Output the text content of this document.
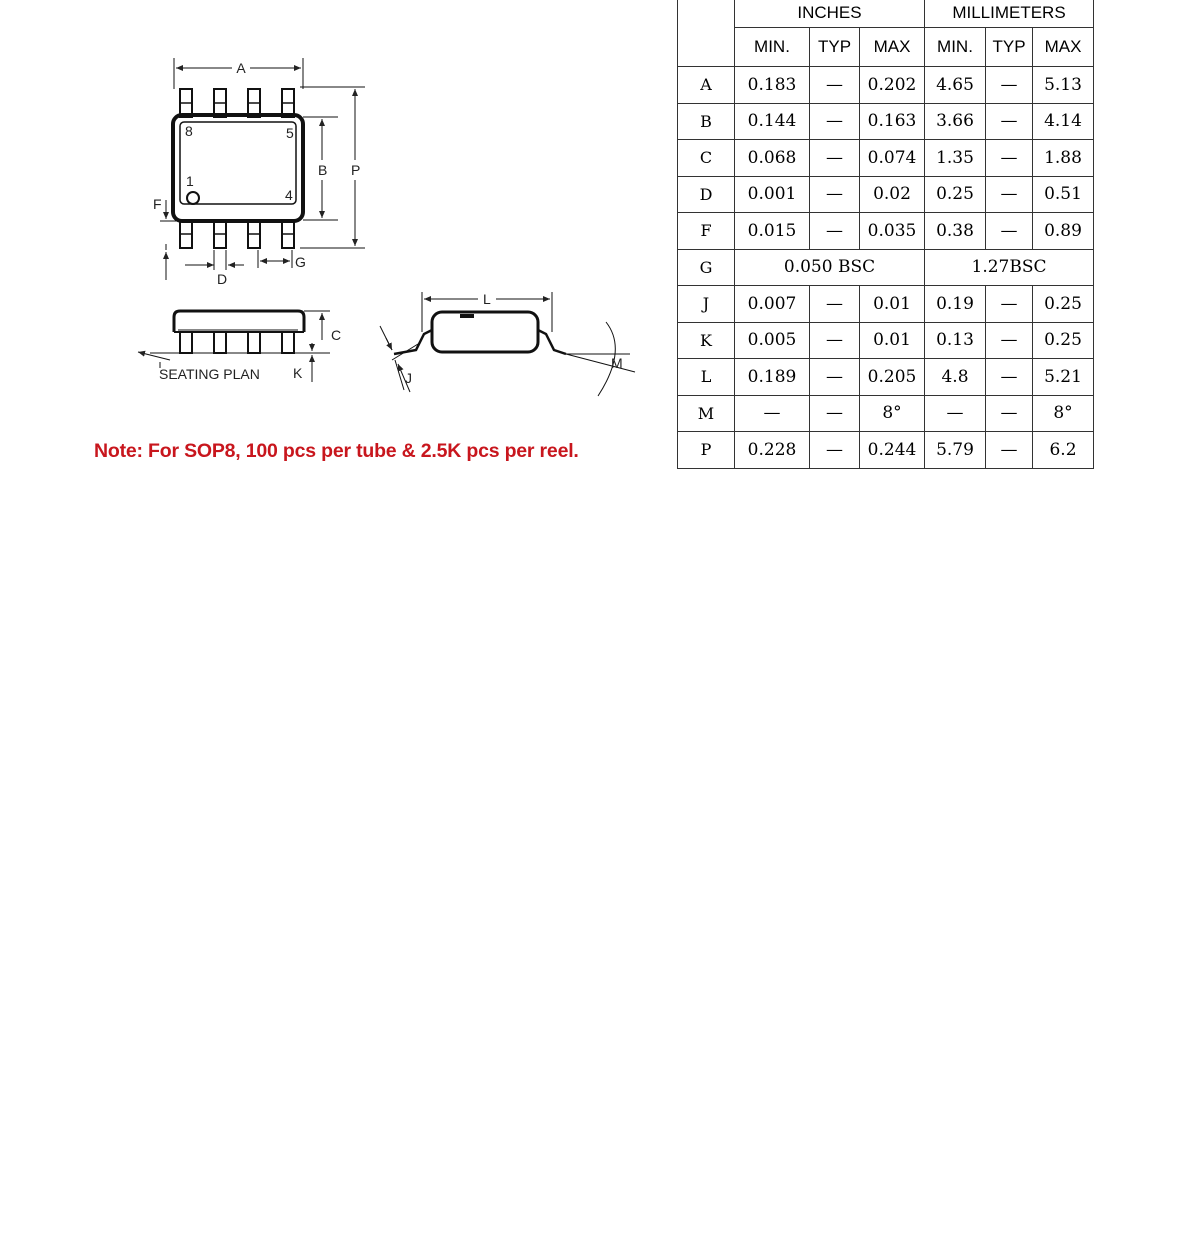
A
B P
F
D
G
8	5
1
4
SEATING PLAN
C
K
L
J
M
Note: For SOP8, 100 pcs per tube & 2.5K pcs per reel.
	INCHES			MILLIMETERS		
	MIN.	TYP	MAX	MIN.	TYP	MAX
A	0.183	—	0.202	4.65	—	5.13
B	0.144	—	0.163	3.66	—	4.14
C	0.068	—	0.074	1.35	—	1.88
D	0.001	—	0.02	0.25	—	0.51
F	0.015	—	0.035	0.38	—	0.89
G	0.050 BSC			1.27BSC		
J	0.007	—	0.01	0.19	—	0.25
K	0.005	—	0.01	0.13	—	0.25
L	0.189	—	0.205	4.8	—	5.21
M	—	—	8°	—	—	8°
P	0.228	—	0.244	5.79	—	6.2
